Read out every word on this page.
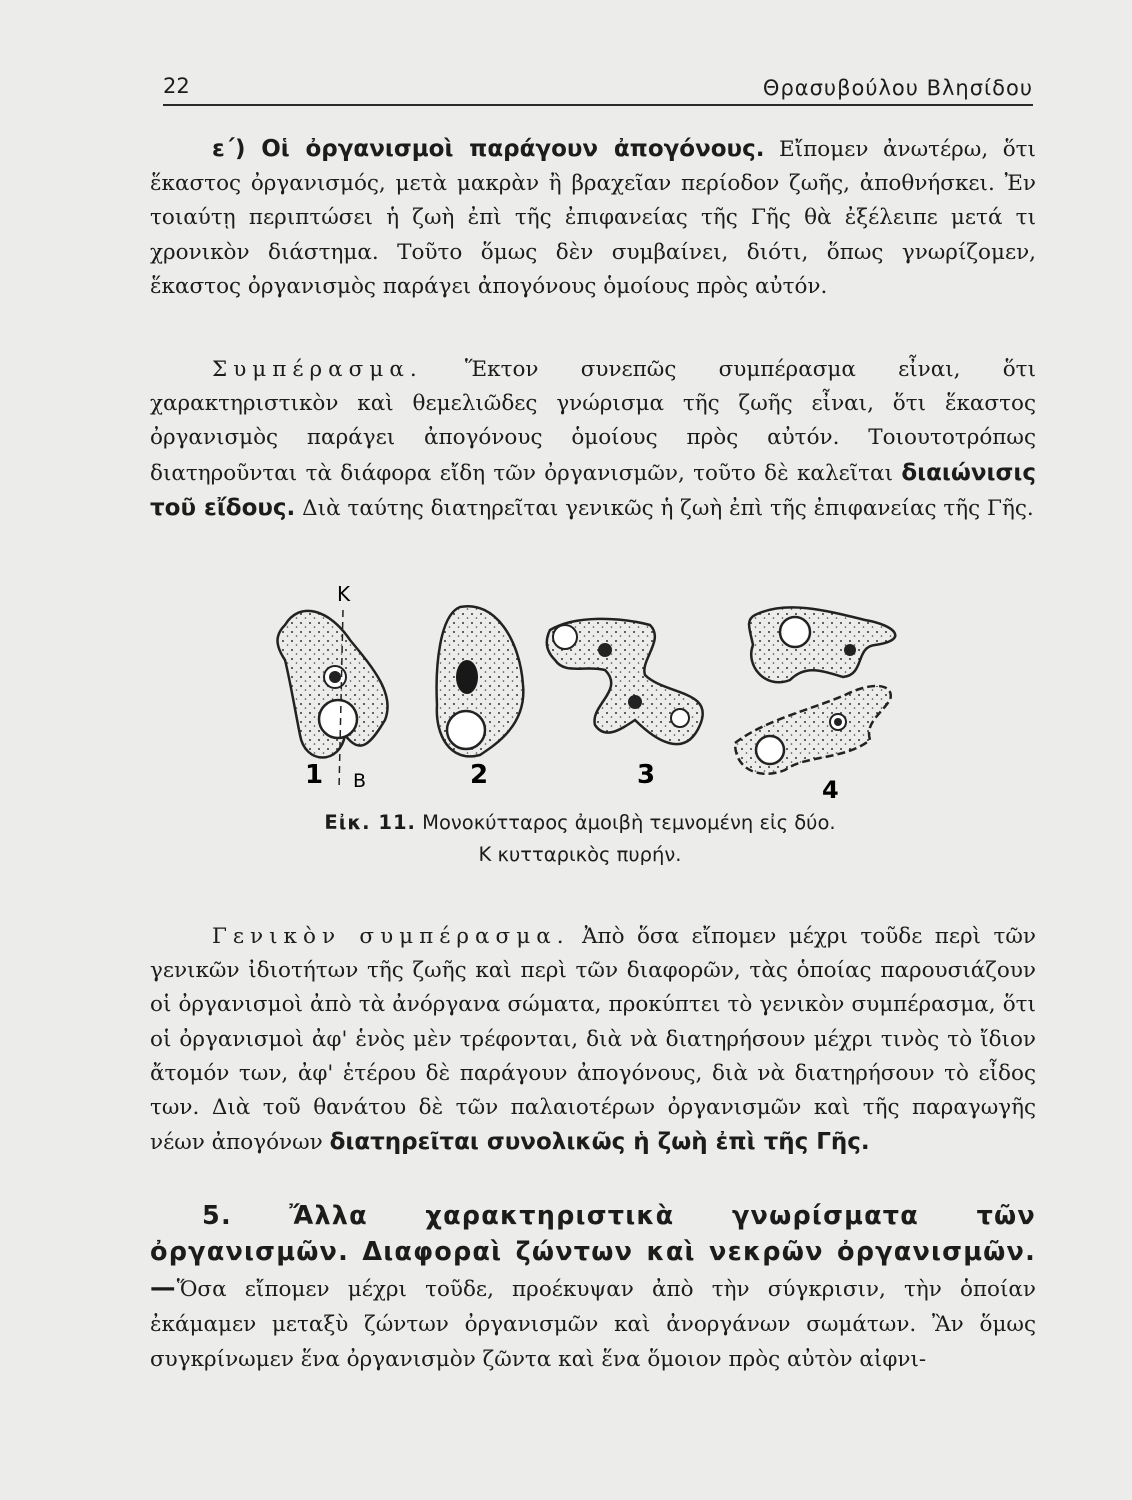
22	Θρασυβούλου Βλησίδου

ε΄) Οἱ ὀργανισμοὶ παράγουν ἀπογόνους. Εἴπομεν ἀνωτέρω, ὅτι ἕκαστος ὀργανισμός, μετὰ μακρὰν ἢ βραχεῖαν περίοδον ζωῆς, ἀποθνήσκει. Ἐν τοιαύτῃ περιπτώσει ἡ ζωὴ ἐπὶ τῆς ἐπιφανείας τῆς Γῆς θὰ ἐξέλειπε μετά τι χρονικὸν διάστημα. Τοῦτο ὅμως δὲν συμβαίνει, διότι, ὅπως γνωρίζομεν, ἕκαστος ὀργανισμὸς παράγει ἀπογόνους ὁμοίους πρὸς αὐτόν.

Συμπέρασμα. Ἕκτον συνεπῶς συμπέρασμα εἶναι, ὅτι χαρακτηριστικὸν καὶ θεμελιῶδες γνώρισμα τῆς ζωῆς εἶναι, ὅτι ἕκαστος ὀργανισμὸς παράγει ἀπογόνους ὁμοίους πρὸς αὐτόν. Τοιουτοτρόπως διατηροῦνται τὰ διάφορα εἴδη τῶν ὀργανισμῶν, τοῦτο δὲ καλεῖται διαιώνισις τοῦ εἴδους. Διὰ ταύτης διατηρεῖται γενικῶς ἡ ζωὴ ἐπὶ τῆς ἐπιφανείας τῆς Γῆς.

Κ
Β
1	2	3	4
Εἰκ. 11. Μονοκύτταρος ἀμοιβὴ τεμνομένη εἰς δύο.
Κ κυτταρικὸς πυρήν.

Γενικὸν συμπέρασμα. Ἀπὸ ὅσα εἴπομεν μέχρι τοῦδε περὶ τῶν γενικῶν ἰδιοτήτων τῆς ζωῆς καὶ περὶ τῶν διαφορῶν, τὰς ὁποίας παρουσιάζουν οἱ ὀργανισμοὶ ἀπὸ τὰ ἀνόργανα σώματα, προκύπτει τὸ γενικὸν συμπέρασμα, ὅτι οἱ ὀργανισμοὶ ἀφ' ἑνὸς μὲν τρέφονται, διὰ νὰ διατηρήσουν μέχρι τινὸς τὸ ἴδιον ἄτομόν των, ἀφ' ἑτέρου δὲ παράγουν ἀπογόνους, διὰ νὰ διατηρήσουν τὸ εἶδος των. Διὰ τοῦ θανάτου δὲ τῶν παλαιοτέρων ὀργανισμῶν καὶ τῆς παραγωγῆς νέων ἀπογόνων διατηρεῖται συνολικῶς ἡ ζωὴ ἐπὶ τῆς Γῆς.

5. Ἄλλα χαρακτηριστικὰ γνωρίσματα τῶν ὀργανισμῶν. Διαφοραὶ ζώντων καὶ νεκρῶν ὀργανισμῶν.—Ὅσα εἴπομεν μέχρι τοῦδε, προέκυψαν ἀπὸ τὴν σύγκρισιν, τὴν ὁποίαν ἐκάμαμεν μεταξὺ ζώντων ὀργανισμῶν καὶ ἀνοργάνων σωμάτων. Ἂν ὅμως συγκρίνωμεν ἕνα ὀργανισμὸν ζῶντα καὶ ἕνα ὅμοιον πρὸς αὐτὸν αἰφνι-
